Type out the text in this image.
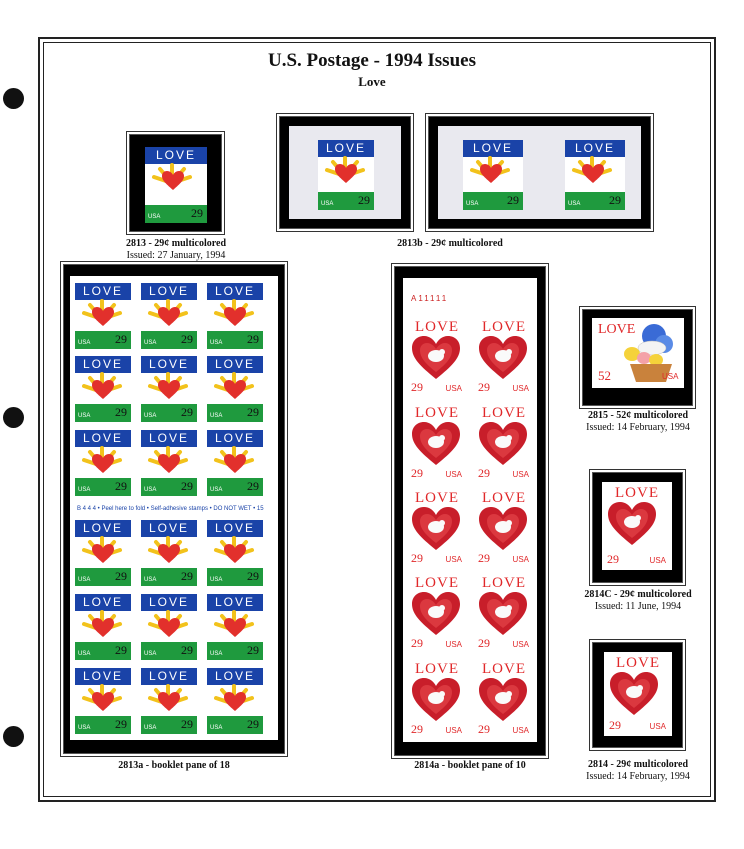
U.S. Postage - 1994 Issues
Love
2813 - 29¢ multicolored
Issued: 27 January, 1994
2813b - 29¢ multicolored
B 4 4 4 • Peel here to fold • Self-adhesive stamps • DO NOT WET • 15
2813a - booklet pane of 18
A11111
2814a - booklet pane of 10
LOVE
52	USA
2815 - 52¢ multicolored
Issued: 14 February, 1994
2814C - 29¢ multicolored
Issued: 11 June, 1994
2814 - 29¢ multicolored
Issued: 14 February, 1994
LOVE
USA	29
LOVE
USA 29
LOVE
USA 29
LOVE
USA 29
LOVE
USA 29
LOVE
USA 29
LOVE
USA 29
LOVE
USA 29
LOVE
USA 29
LOVE
USA 29
LOVE
USA 29
LOVE
USA 29
LOVE
USA 29
LOVE
USA 29
LOVE
USA 29
LOVE
USA 29
LOVE
USA 29
LOVE
USA 29
LOVE
USA 29
LOVE
USA 29
LOVE
USA 29
LOVE
USA 29
LOVE
29	USA
LOVE
29	USA
LOVE
29	USA
LOVE
29	USA
LOVE
29	USA
LOVE
29	USA
LOVE
29	USA
LOVE
29	USA
LOVE
29	USA
LOVE
29	USA
LOVE
29	USA
LOVE
29	USA
